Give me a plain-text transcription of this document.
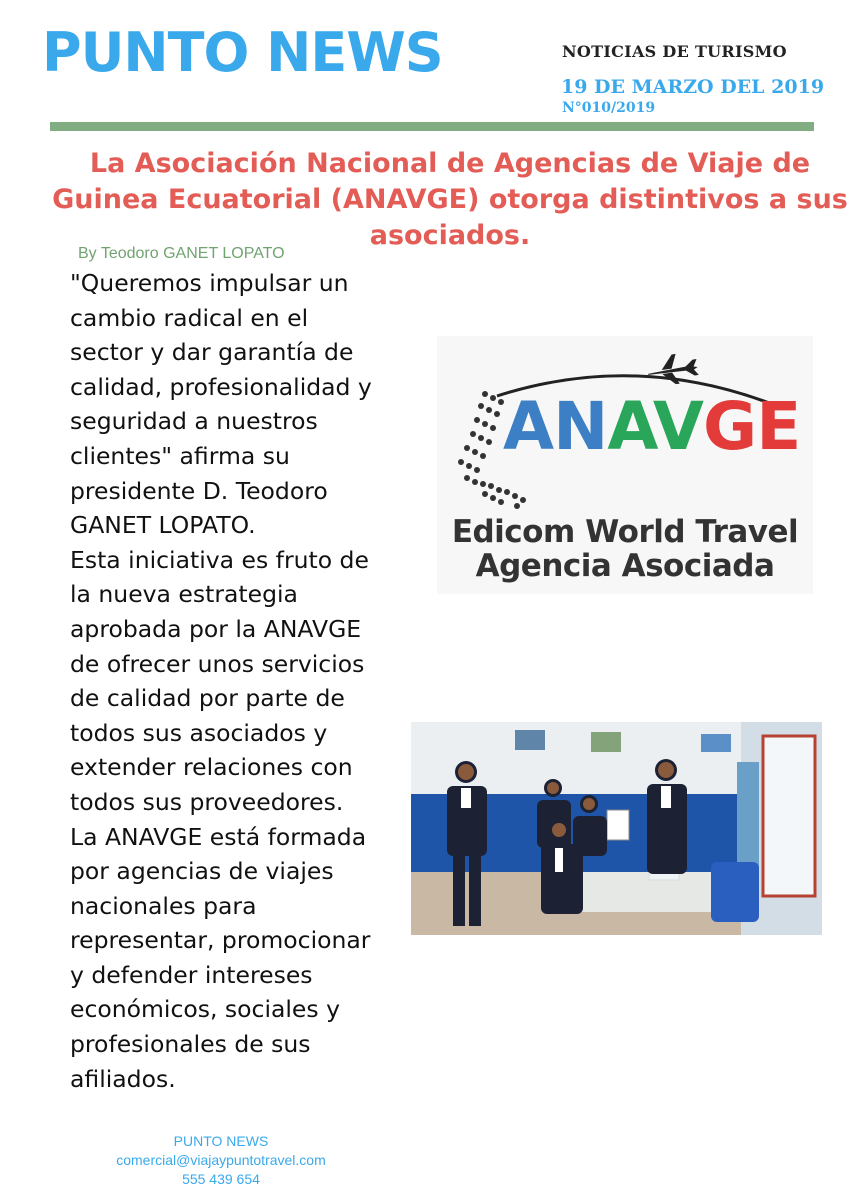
PUNTO NEWS	NOTICIAS DE TURISMO
19 DE MARZO DEL 2019
N°010/2019
La Asociación Nacional de Agencias de Viaje de Guinea Ecuatorial (ANAVGE) otorga distintivos a sus asociados.
By Teodoro GANET LOPATO
"Queremos impulsar un
cambio radical en el
sector y dar garantía de
calidad, profesionalidad y
seguridad a nuestros
clientes" afirma su
presidente D. Teodoro
GANET LOPATO.
Esta iniciativa es fruto de
la nueva estrategia
aprobada por la ANAVGE
de ofrecer unos servicios
de calidad por parte de
todos sus asociados y
extender relaciones con
todos sus proveedores.
La ANAVGE está formada
por agencias de viajes
nacionales para
representar, promocionar
y defender intereses
económicos, sociales y
profesionales de sus
afiliados.
ANAVGE
Edicom World Travel
Agencia Asociada
PUNTO NEWS
comercial@viajaypuntotravel.com
555 439 654
